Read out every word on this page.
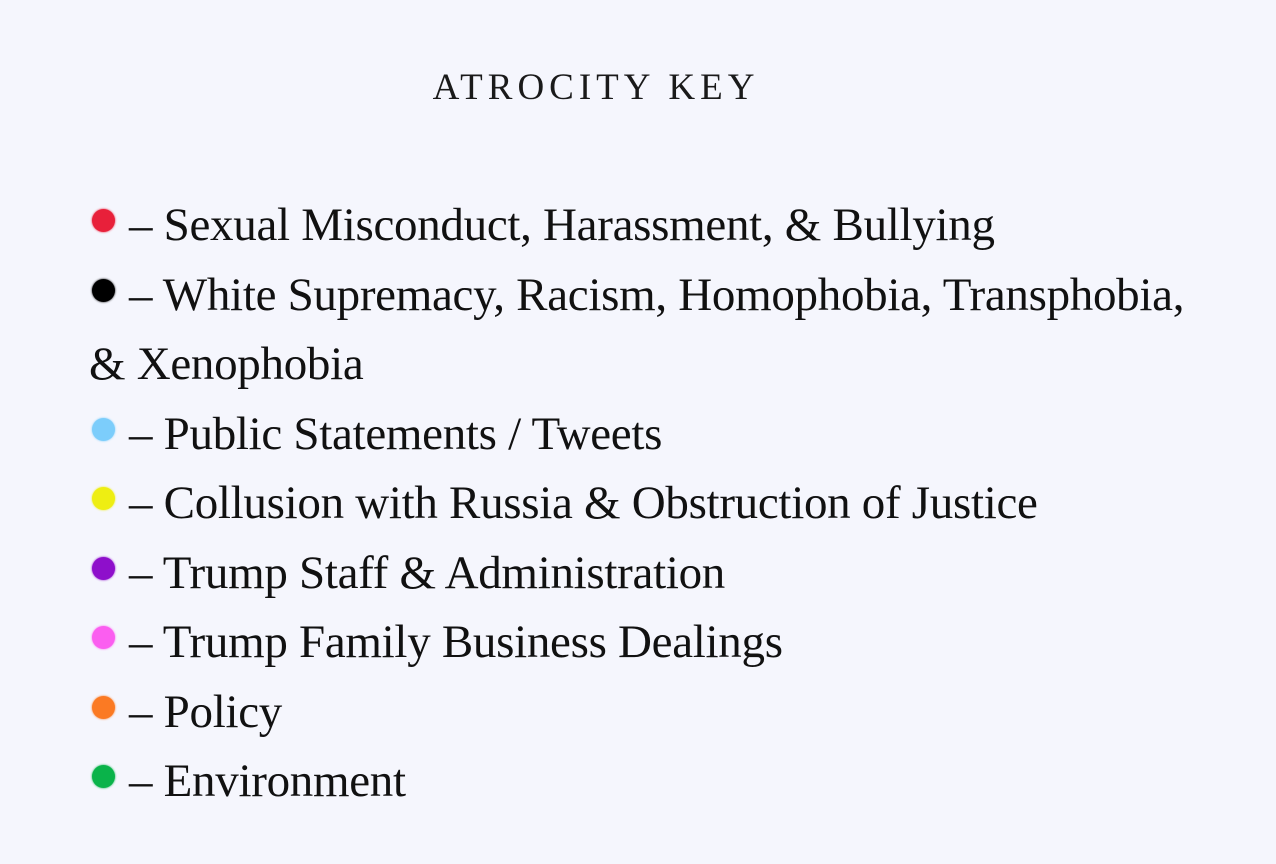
ATROCITY KEY
– Sexual Misconduct, Harassment, & Bullying
– White Supremacy, Racism, Homophobia, Transphobia, & Xenophobia
– Public Statements / Tweets
– Collusion with Russia & Obstruction of Justice
– Trump Staff & Administration
– Trump Family Business Dealings
– Policy
– Environment
